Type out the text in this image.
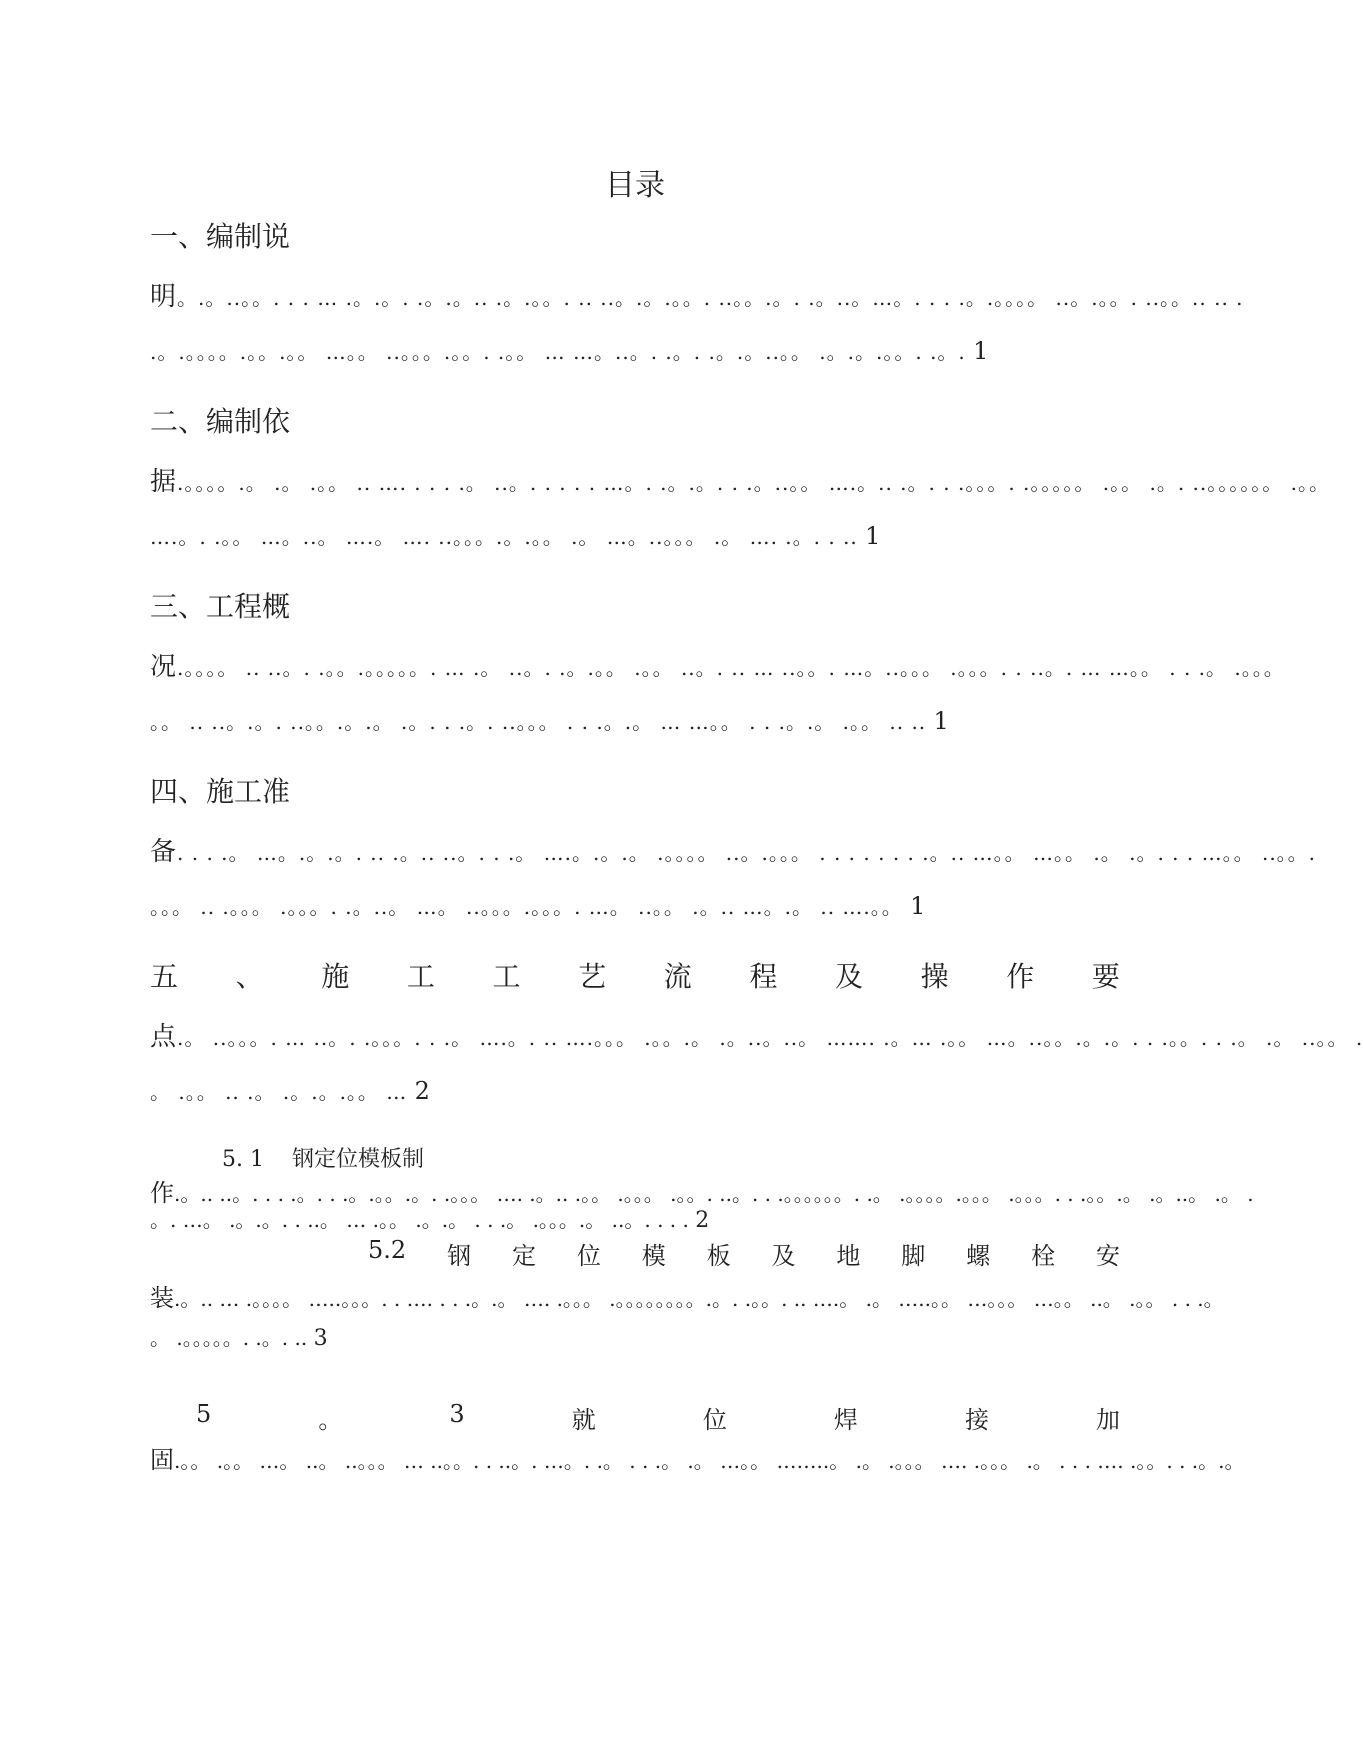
目录
一、编制说
明。.。..。。. . . … .。.。. .。.。.. .。.。。. .. ..。.。.。。. ..。。.。. .。..。…。. . . .。.。。。。 ..。.。。. ..。。.. .. .
.。.。。。。.。。.。。 …。。 ..。。。.。。. .。。 … …。..。. .。. .。.。..。。 .。.。.。。. .。. 1
二、编制依
据.。。。。.。 .。 .。。 .. …. . . . .。 ..。. . . . . …。. .。.。. . .。..。。 ….。.. .。. . .。。。. .。。。。。 .。。 .。. ..。。。。。。 .。。
….。. .。。 …。..。 ….。 …. ..。。。.。.。。 .。 …。..。。。 .。 …. .。. . .. 1
三、工程概
况.。。。。 .. ..。. .。。.。。。。。. … .。 ..。. .。.。。 .。。 ..。. .. … ..。。. …。..。。。 .。。。. . ..。. … …。。 . . .。 .。。。
。。 .. ..。.。. ..。。.。.。 .。. . .。. ..。。。 . . .。.。 … …。。 . . .。.。 .。。 .. .. 1
四、施工准
备. . . .。 …。.。.。. .. .。.. ..。. . .。 ….。.。.。 .。。。。 ..。.。。。 . . . . . . . .。.. …。。 …。。 .。 .。. . . …。。 ..。。.
。。。 .. .。。。 .。。。. .。..。 …。 ..。。。.。。。. …。 ..。。 .。.. …。.。 .. ….。。 1
五 、 施 工 工 艺 流 程 及 操 作 要
点.。 ..。。。. … ..。. .。。。. . .。 ….。. .. ….。。。 .。。.。 .。..。..。 ……. .。… .。。 …。..。。.。.。. . .。。. . .。 .。 ..。。 .
。 .。。 .. .。 .。.。.。。 … 2
5. 1 钢定位模板制
作.。.. ..。. . . .。. . .。.。。.。. .。。。 …. .。.. .。。 .。。。 .。。. ..。. . .。。。。。。. .。 .。。。。.。。。 .。。。. . .。。.。 .。..。 .。 .
。. …。 .。.。. . ..。 … .。。 .。.。 . . .。 .。。。.。 ..。. . . . 2
5.2 钢 定 位 模 板 及 地 脚 螺 栓 安
装.。.. … .。。。。 …..。。。. . …. . . .。.。 …. .。。。 .。。。。。。。。.。. .。。. .. ….。 .。 …..。。 …。。。 …。。 ..。 .。。 . . .。
。 .。。。。。. .。. .. 3
5	。	3	就	位	焊	接	加
固.。。 .。。 …。 ..。 ..。。。 … ..。。. . ..。. …。. .。 . . .。 .。 …。。 ……..。 .。 .。。。 …. .。。。 .。 . . . …. .。。. . .。.。
